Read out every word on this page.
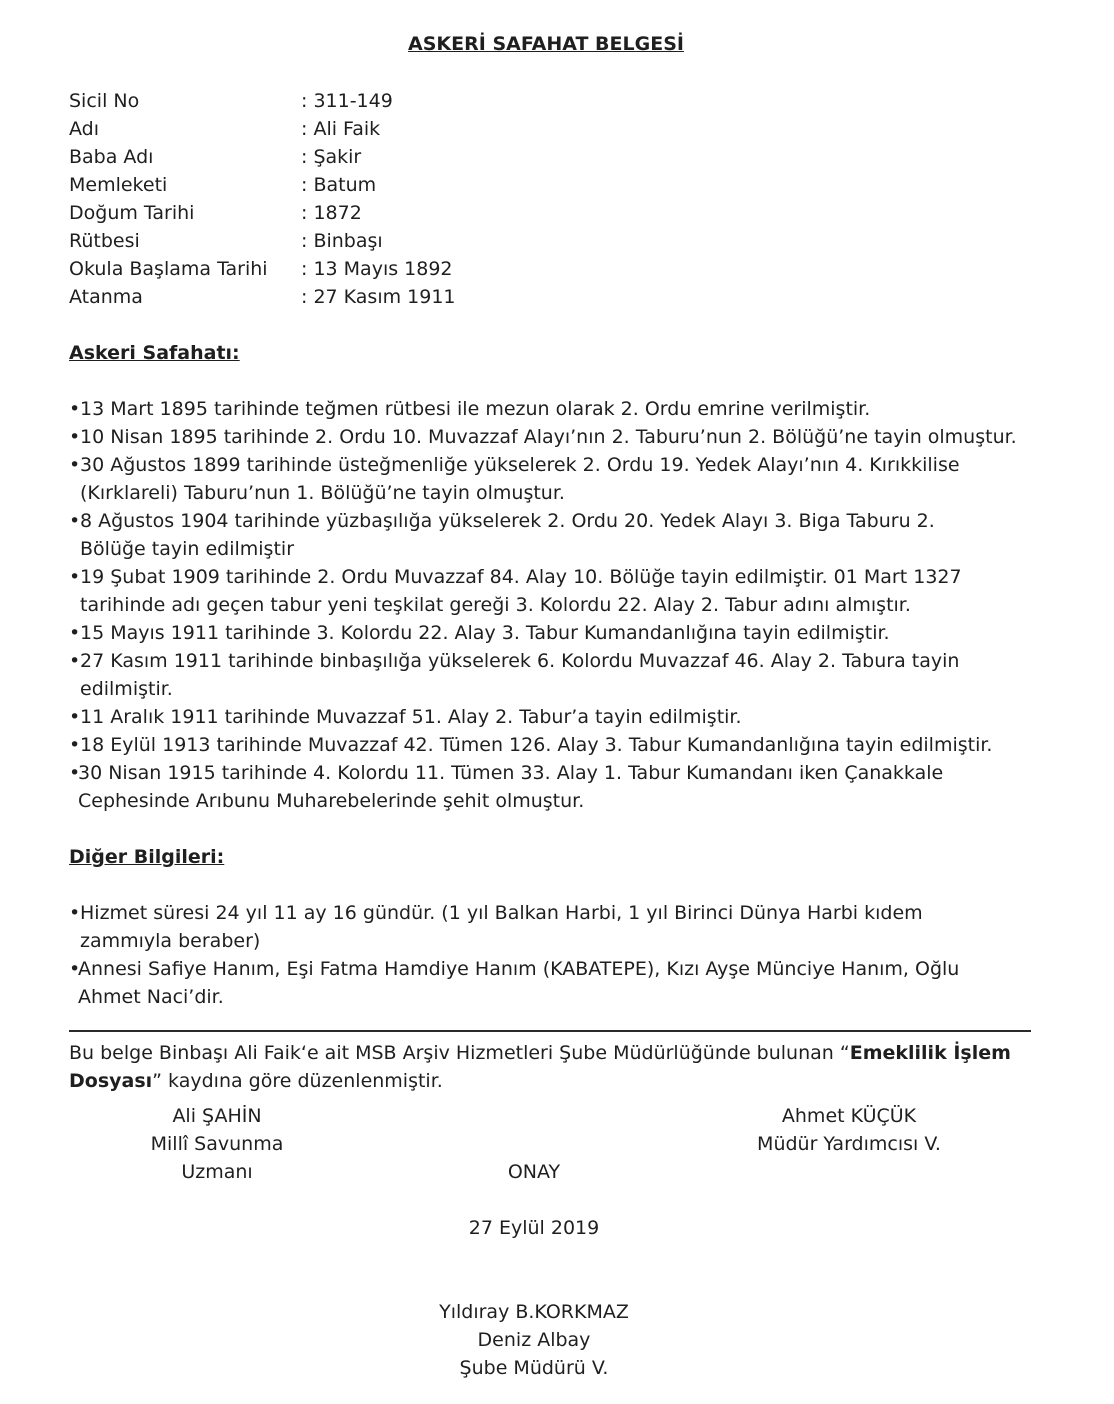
ASKERİ SAFAHAT BELGESİ
Sicil No	: 311-149
Adı	: Ali Faik
Baba Adı	: Şakir
Memleketi	: Batum
Doğum Tarihi	: 1872
Rütbesi	: Binbaşı
Okula Başlama Tarihi	: 13 Mayıs 1892
Atanma	: 27 Kasım 1911
Askeri Safahatı:
• 13 Mart 1895 tarihinde teğmen rütbesi ile mezun olarak 2. Ordu emrine verilmiştir.
• 10 Nisan 1895 tarihinde 2. Ordu 10. Muvazzaf Alayı’nın 2. Taburu’nun 2. Bölüğü’ne tayin olmuştur.
• 30 Ağustos 1899 tarihinde üsteğmenliğe yükselerek 2. Ordu 19. Yedek Alayı’nın 4. Kırıkkilise (Kırklareli) Taburu’nun 1. Bölüğü’ne tayin olmuştur.
• 8 Ağustos 1904 tarihinde yüzbaşılığa yükselerek 2. Ordu 20. Yedek Alayı 3. Biga Taburu 2. Bölüğe tayin edilmiştir
• 19 Şubat 1909 tarihinde 2. Ordu Muvazzaf 84. Alay 10. Bölüğe tayin edilmiştir. 01 Mart 1327 tarihinde adı geçen tabur yeni teşkilat gereği 3. Kolordu 22. Alay 2. Tabur adını almıştır.
• 15 Mayıs 1911 tarihinde 3. Kolordu 22. Alay 3. Tabur Kumandanlığına tayin edilmiştir.
• 27 Kasım 1911 tarihinde binbaşılığa yükselerek 6. Kolordu Muvazzaf 46. Alay 2. Tabura tayin edilmiştir.
• 11 Aralık 1911 tarihinde Muvazzaf 51. Alay 2. Tabur’a tayin edilmiştir.
• 18 Eylül 1913 tarihinde Muvazzaf 42. Tümen 126. Alay 3. Tabur Kumandanlığına tayin edilmiştir.
•
30 Nisan 1915 tarihinde 4. Kolordu 11. Tümen 33. Alay 1. Tabur Kumandanı iken Çanakkale Cephesinde Arıbunu Muharebelerinde şehit olmuştur.
Diğer Bilgileri:
• Hizmet süresi 24 yıl 11 ay 16 gündür. (1 yıl Balkan Harbi, 1 yıl Birinci Dünya Harbi kıdem zammıyla beraber)
•
Annesi Safiye Hanım, Eşi Fatma Hamdiye Hanım (KABATEPE), Kızı Ayşe Münciye Hanım, Oğlu Ahmet Naci’dir.
Bu belge Binbaşı Ali Faik‘e ait MSB Arşiv Hizmetleri Şube Müdürlüğünde bulunan “Emeklilik İşlem Dosyası” kaydına göre düzenlenmiştir.
Ali ŞAHİN
Millî Savunma Uzmanı
Ahmet KÜÇÜK
Müdür Yardımcısı V.
ONAY
27 Eylül 2019
Yıldıray B.KORKMAZ
Deniz Albay
Şube Müdürü V.
